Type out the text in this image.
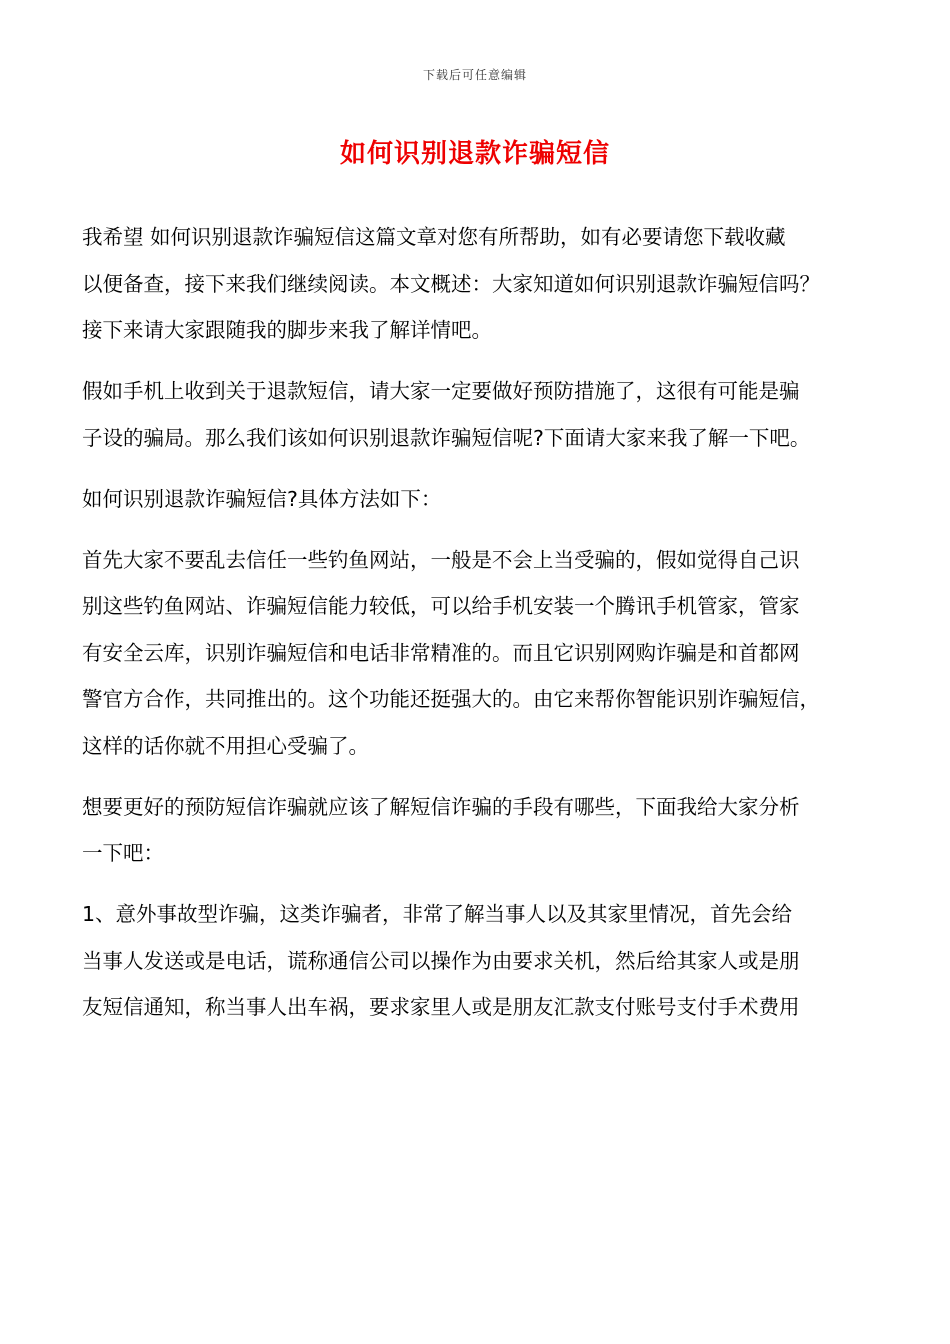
下载后可任意编辑
如何识别退款诈骗短信
我希望 如何识别退款诈骗短信这篇文章对您有所帮助，如有必要请您下载收藏
以便备查，接下来我们继续阅读。本文概述：大家知道如何识别退款诈骗短信吗？
接下来请大家跟随我的脚步来我了解详情吧。
假如手机上收到关于退款短信，请大家一定要做好预防措施了，这很有可能是骗
子设的骗局。那么我们该如何识别退款诈骗短信呢?下面请大家来我了解一下吧。
如何识别退款诈骗短信?具体方法如下：
首先大家不要乱去信任一些钓鱼网站，一般是不会上当受骗的，假如觉得自己识
别这些钓鱼网站、诈骗短信能力较低，可以给手机安装一个腾讯手机管家，管家
有安全云库，识别诈骗短信和电话非常精准的。而且它识别网购诈骗是和首都网
警官方合作，共同推出的。这个功能还挺强大的。由它来帮你智能识别诈骗短信，
这样的话你就不用担心受骗了。
想要更好的预防短信诈骗就应该了解短信诈骗的手段有哪些，下面我给大家分析
一下吧：
1、意外事故型诈骗，这类诈骗者，非常了解当事人以及其家里情况，首先会给
当事人发送或是电话，谎称通信公司以操作为由要求关机，然后给其家人或是朋
友短信通知，称当事人出车祸，要求家里人或是朋友汇款支付账号支付手术费用
